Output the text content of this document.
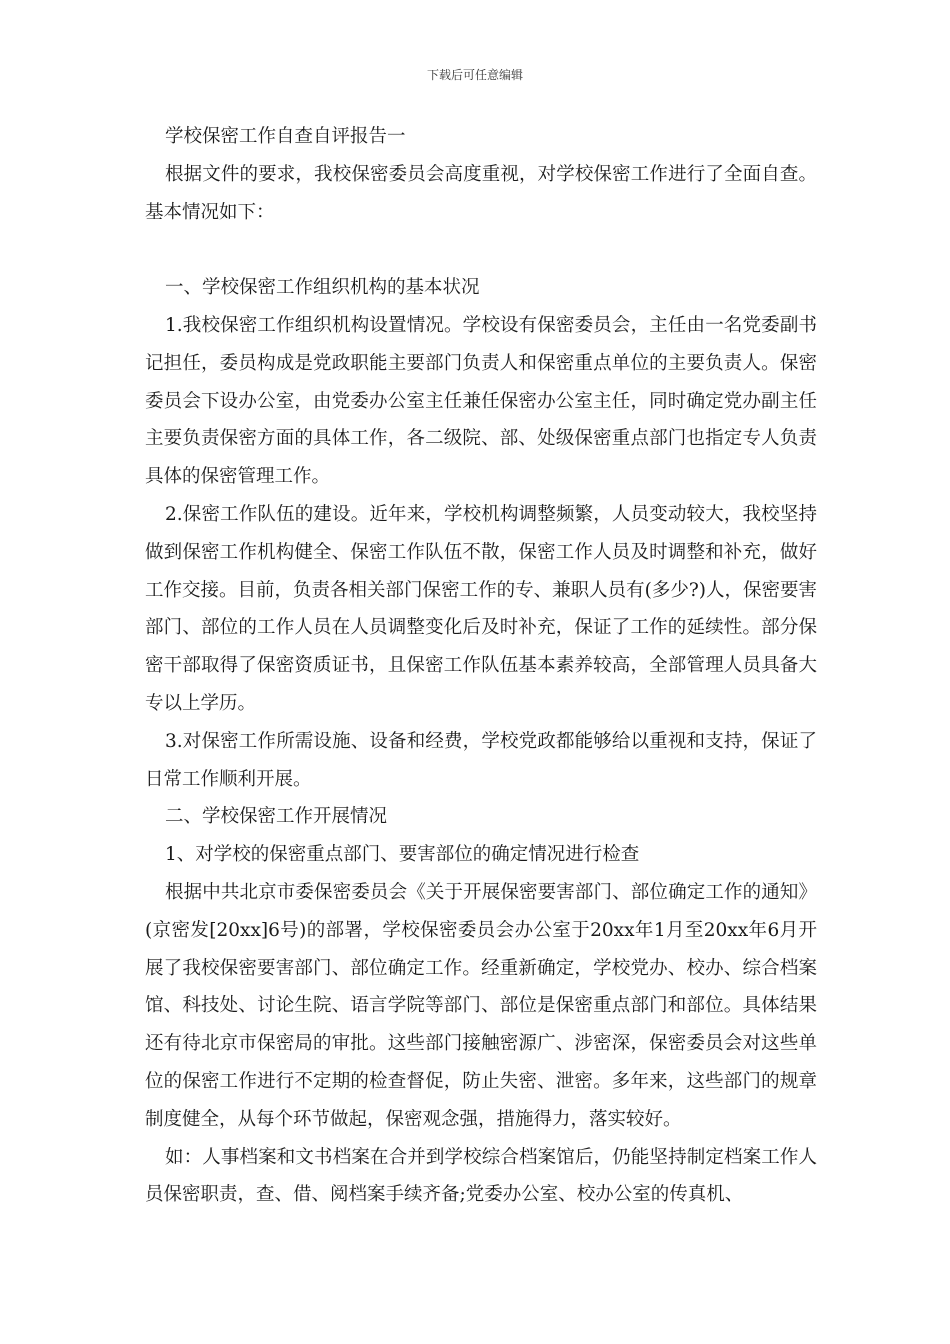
下载后可任意编辑

学校保密工作自查自评报告一

根据文件的要求，我校保密委员会高度重视，对学校保密工作进行了全面自查。基本情况如下：

一、学校保密工作组织机构的基本状况

1.我校保密工作组织机构设置情况。学校设有保密委员会，主任由一名党委副书记担任，委员构成是党政职能主要部门负责人和保密重点单位的主要负责人。保密委员会下设办公室，由党委办公室主任兼任保密办公室主任，同时确定党办副主任主要负责保密方面的具体工作，各二级院、部、处级保密重点部门也指定专人负责具体的保密管理工作。

2.保密工作队伍的建设。近年来，学校机构调整频繁，人员变动较大，我校坚持做到保密工作机构健全、保密工作队伍不散，保密工作人员及时调整和补充，做好工作交接。目前，负责各相关部门保密工作的专、兼职人员有(多少?)人，保密要害部门、部位的工作人员在人员调整变化后及时补充，保证了工作的延续性。部分保密干部取得了保密资质证书，且保密工作队伍基本素养较高，全部管理人员具备大专以上学历。

3.对保密工作所需设施、设备和经费，学校党政都能够给以重视和支持，保证了日常工作顺利开展。

二、学校保密工作开展情况

1、对学校的保密重点部门、要害部位的确定情况进行检查

根据中共北京市委保密委员会《关于开展保密要害部门、部位确定工作的通知》(京密发[20xx]6号)的部署，学校保密委员会办公室于20xx年1月至20xx年6月开展了我校保密要害部门、部位确定工作。经重新确定，学校党办、校办、综合档案馆、科技处、讨论生院、语言学院等部门、部位是保密重点部门和部位。具体结果还有待北京市保密局的审批。这些部门接触密源广、涉密深，保密委员会对这些单位的保密工作进行不定期的检查督促，防止失密、泄密。多年来，这些部门的规章制度健全，从每个环节做起，保密观念强，措施得力，落实较好。

如：人事档案和文书档案在合并到学校综合档案馆后，仍能坚持制定档案工作人员保密职责，查、借、阅档案手续齐备;党委办公室、校办公室的传真机、
